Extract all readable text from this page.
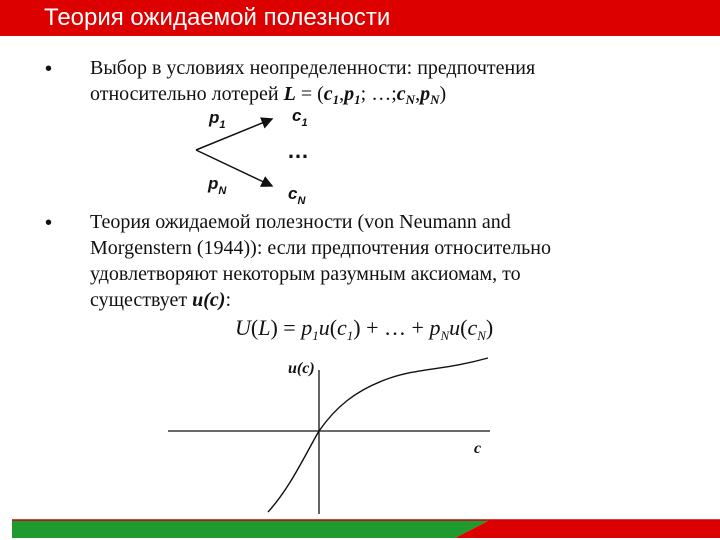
Теория ожидаемой полезности
• Выбор в условиях неопределенности: предпочтения
относительно лотерей $L = (c_1,p_1$; $\dots;c_N,p_N$)
$p_1$	$c_1$
…
$p_N$	$c_N$
• Теория ожидаемой полезности (von Neumann and
Morgenstern (1944)): если предпочтения относительно
удовлетворяют некоторым разумным аксиомам, то
существует u(c):
$U(L) = p_1u(c_1)$ + … + $p_Nu(c_N)$
u(c)
c
